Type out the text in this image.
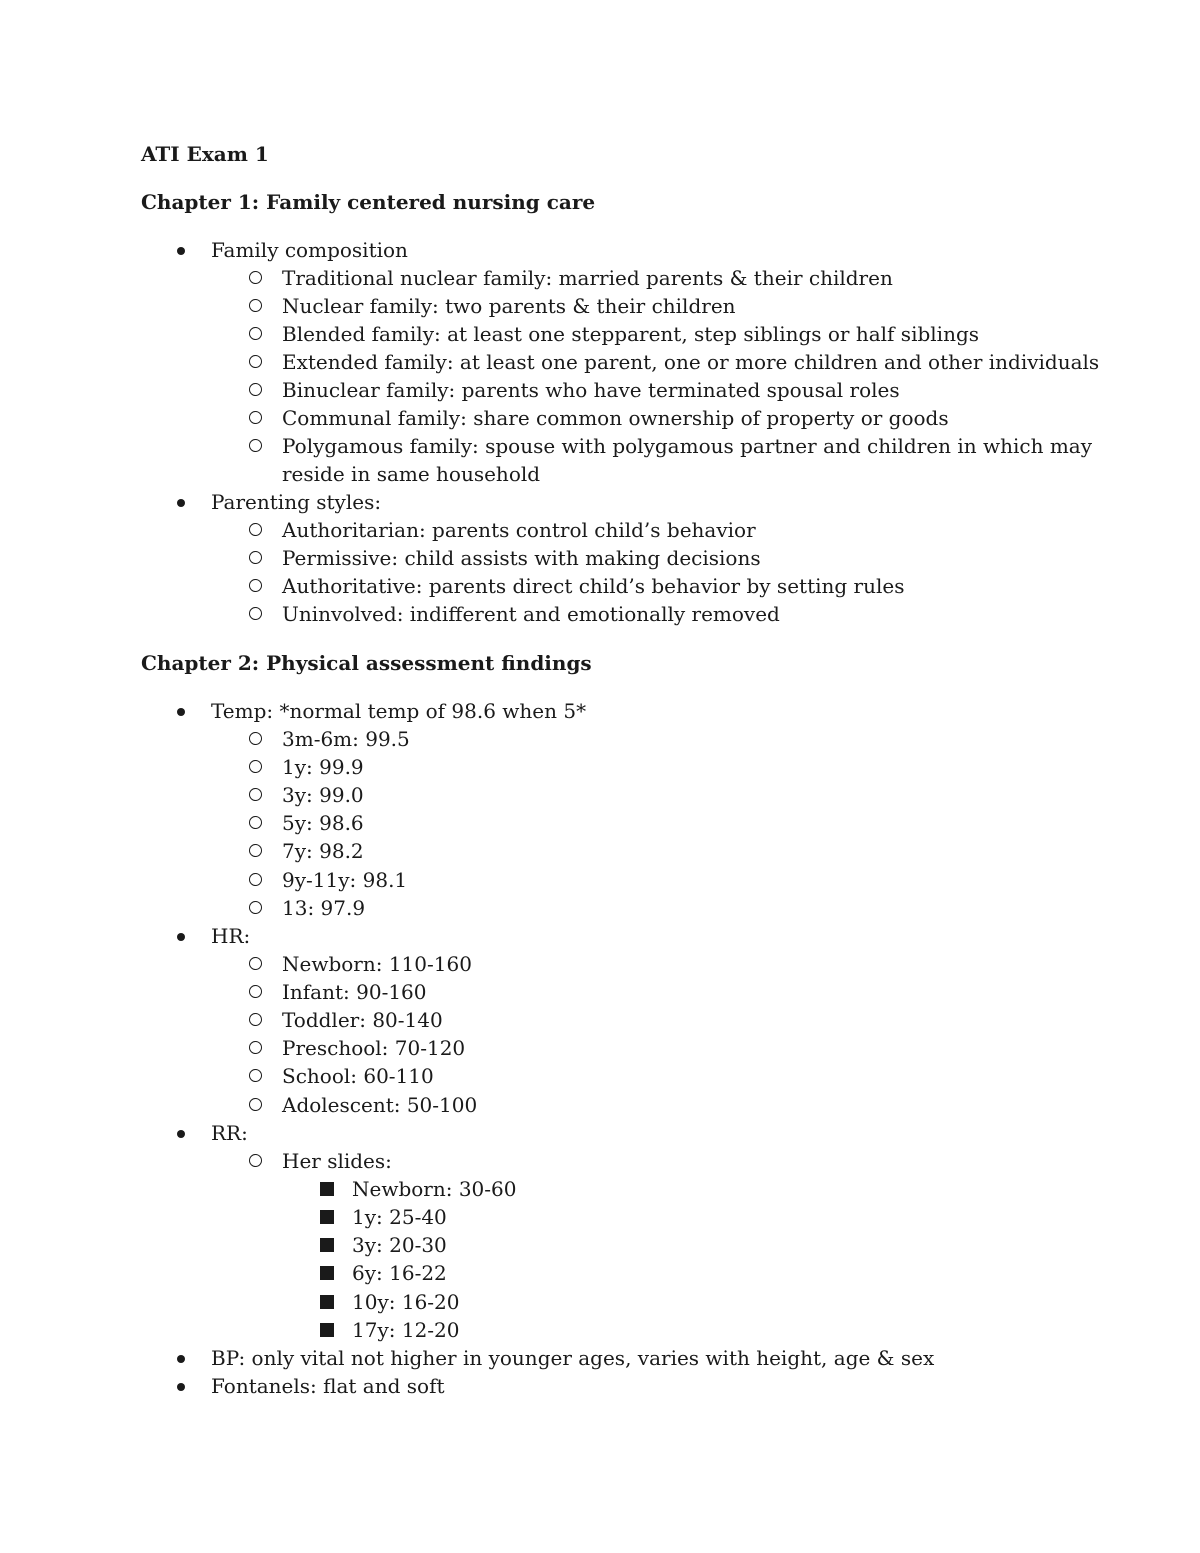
ATI Exam 1
Chapter 1: Family centered nursing care
Family composition
Traditional nuclear family: married parents & their children
Nuclear family: two parents & their children
Blended family: at least one stepparent, step siblings or half siblings
Extended family: at least one parent, one or more children and other individuals
Binuclear family: parents who have terminated spousal roles
Communal family: share common ownership of property or goods
Polygamous family: spouse with polygamous partner and children in which may
reside in same household
Parenting styles:
Authoritarian: parents control child’s behavior
Permissive: child assists with making decisions
Authoritative: parents direct child’s behavior by setting rules
Uninvolved: indifferent and emotionally removed
Chapter 2: Physical assessment findings
Temp: *normal temp of 98.6 when 5*
3m-6m: 99.5
1y: 99.9
3y: 99.0
5y: 98.6
7y: 98.2
9y-11y: 98.1
13: 97.9
HR:
Newborn: 110-160
Infant: 90-160
Toddler: 80-140
Preschool: 70-120
School: 60-110
Adolescent: 50-100
RR:
Her slides:
Newborn: 30-60
1y: 25-40
3y: 20-30
6y: 16-22
10y: 16-20
17y: 12-20
BP: only vital not higher in younger ages, varies with height, age & sex
Fontanels: flat and soft
